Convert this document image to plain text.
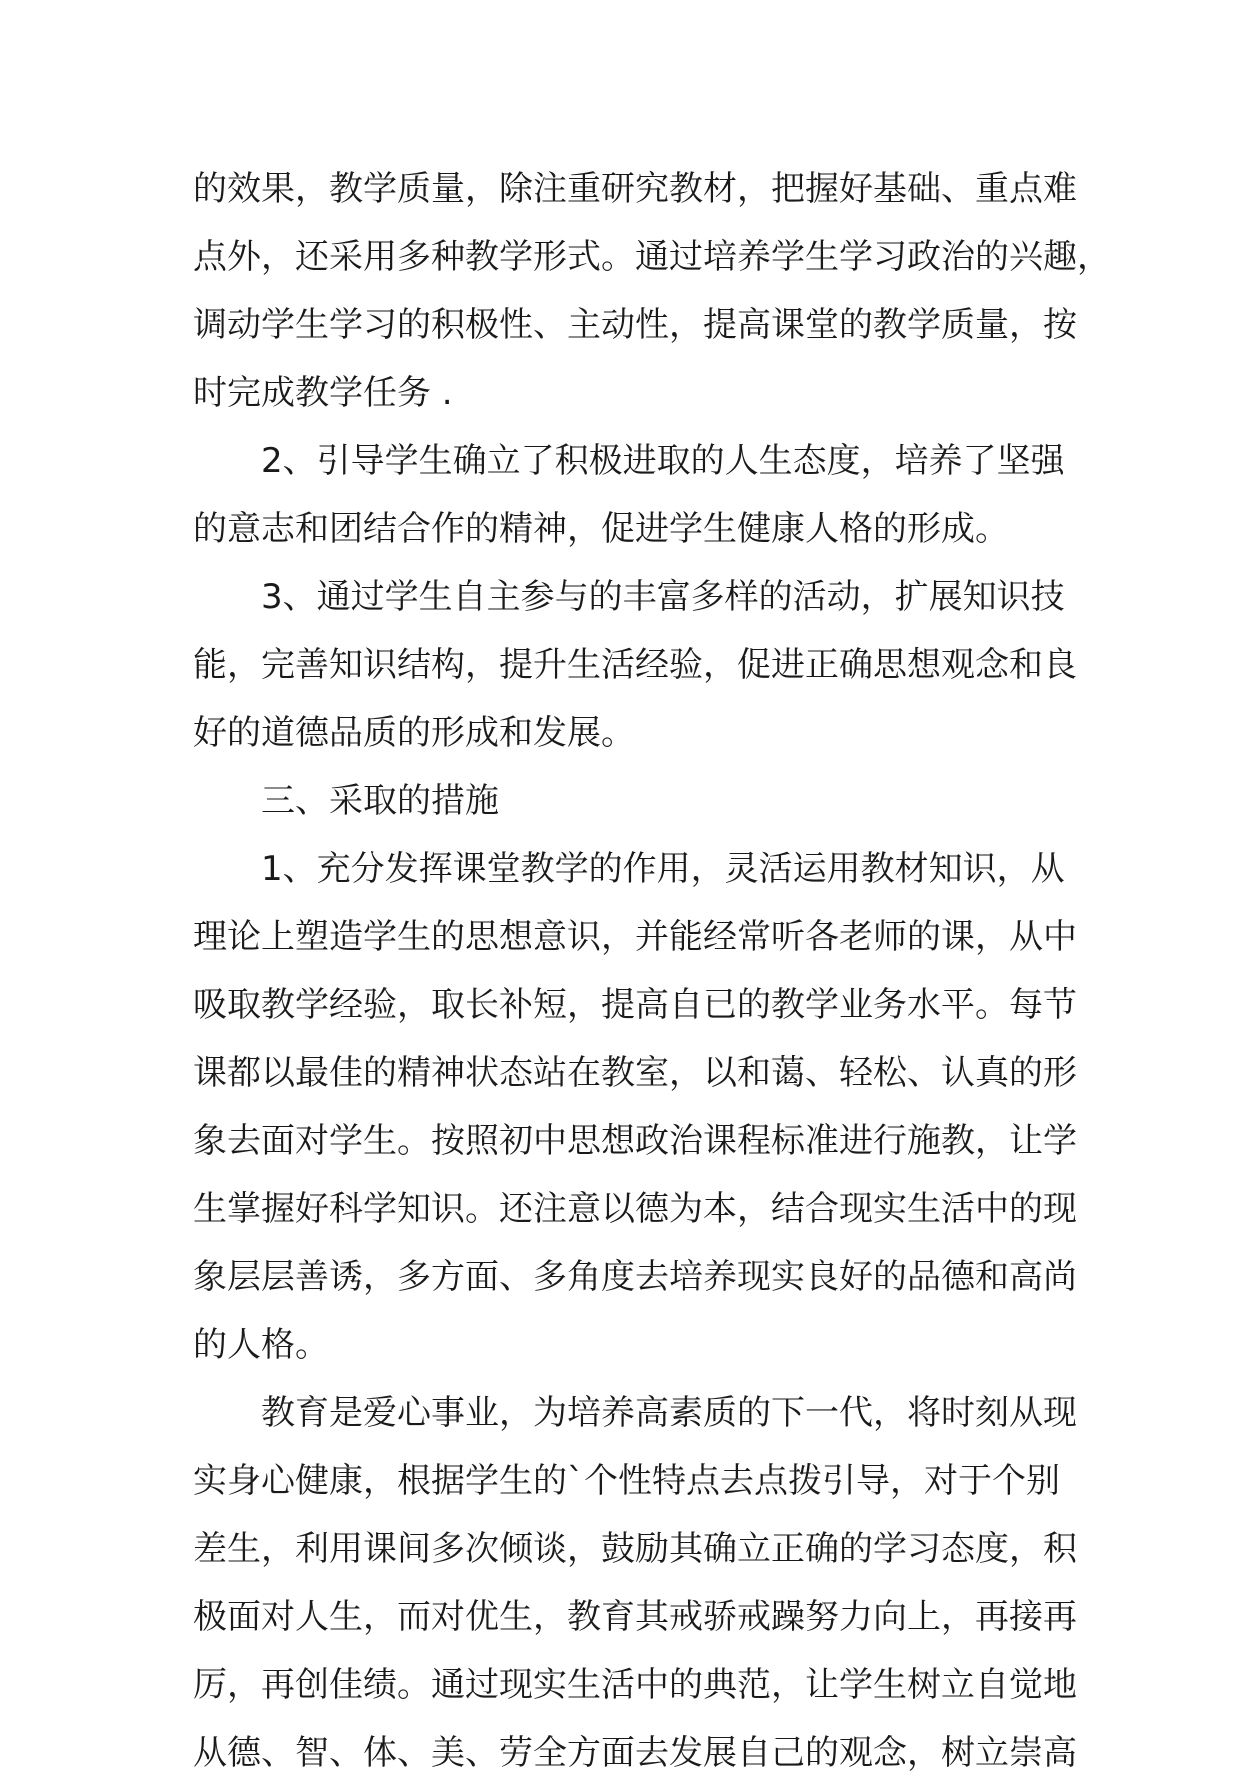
的效果，教学质量，除注重研究教材，把握好基础、重点难
点外，还采用多种教学形式。通过培养学生学习政治的兴趣，
调动学生学习的积极性、主动性，提高课堂的教学质量，按
时完成教学任务 .
2、引导学生确立了积极进取的人生态度，培养了坚强
的意志和团结合作的精神，促进学生健康人格的形成。
3、通过学生自主参与的丰富多样的活动，扩展知识技
能，完善知识结构，提升生活经验，促进正确思想观念和良
好的道德品质的形成和发展。
三、采取的措施
1、充分发挥课堂教学的作用，灵活运用教材知识，从
理论上塑造学生的思想意识，并能经常听各老师的课，从中
吸取教学经验，取长补短，提高自已的教学业务水平。每节
课都以最佳的精神状态站在教室，以和蔼、轻松、认真的形
象去面对学生。按照初中思想政治课程标准进行施教，让学
生掌握好科学知识。还注意以德为本，结合现实生活中的现
象层层善诱，多方面、多角度去培养现实良好的品德和高尚
的人格。
教育是爱心事业，为培养高素质的下一代，将时刻从现
实身心健康，根据学生的`个性特点去点拨引导，对于个别
差生，利用课间多次倾谈，鼓励其确立正确的学习态度，积
极面对人生，而对优生，教育其戒骄戒躁努力向上，再接再
厉，再创佳绩。通过现实生活中的典范，让学生树立自觉地
从德、智、体、美、劳全方面去发展自己的观念，树立崇高
